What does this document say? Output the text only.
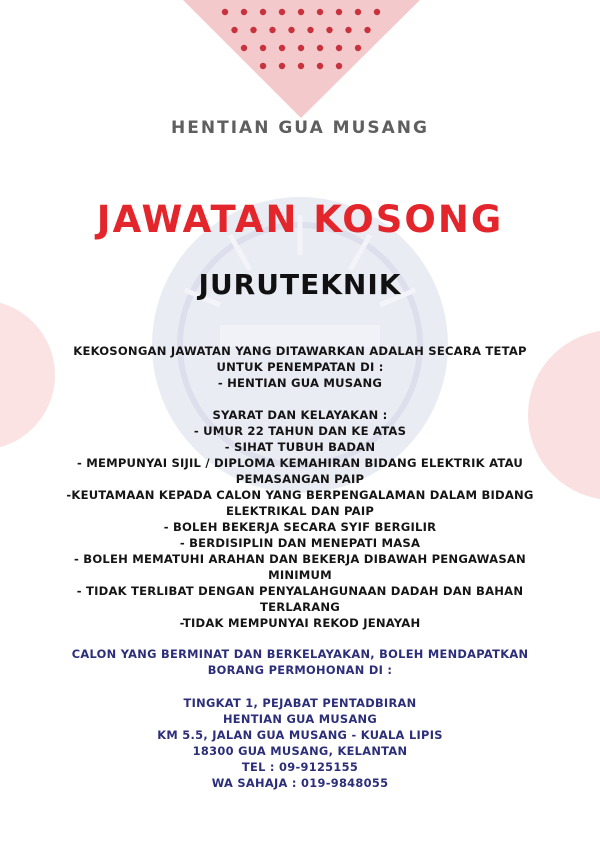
HENTIAN GUA MUSANG
JAWATAN KOSONG
JURUTEKNIK
KEKOSONGAN JAWATAN YANG DITAWARKAN ADALAH SECARA TETAP
UNTUK PENEMPATAN DI :
- HENTIAN GUA MUSANG
SYARAT DAN KELAYAKAN :
- UMUR 22 TAHUN DAN KE ATAS
- SIHAT TUBUH BADAN
- MEMPUNYAI SIJIL / DIPLOMA KEMAHIRAN BIDANG ELEKTRIK ATAU
PEMASANGAN PAIP
-KEUTAMAAN KEPADA CALON YANG BERPENGALAMAN DALAM BIDANG
ELEKTRIKAL DAN PAIP
- BOLEH BEKERJA SECARA SYIF BERGILIR
- BERDISIPLIN DAN MENEPATI MASA
- BOLEH MEMATUHI ARAHAN DAN BEKERJA DIBAWAH PENGAWASAN
MINIMUM
- TIDAK TERLIBAT DENGAN PENYALAHGUNAAN DADAH DAN BAHAN
TERLARANG
-TIDAK MEMPUNYAI REKOD JENAYAH
CALON YANG BERMINAT DAN BERKELAYAKAN, BOLEH MENDAPATKAN
BORANG PERMOHONAN DI :
TINGKAT 1, PEJABAT PENTADBIRAN
HENTIAN GUA MUSANG
KM 5.5, JALAN GUA MUSANG - KUALA LIPIS
18300 GUA MUSANG, KELANTAN
TEL : 09-9125155
WA SAHAJA : 019-9848055
